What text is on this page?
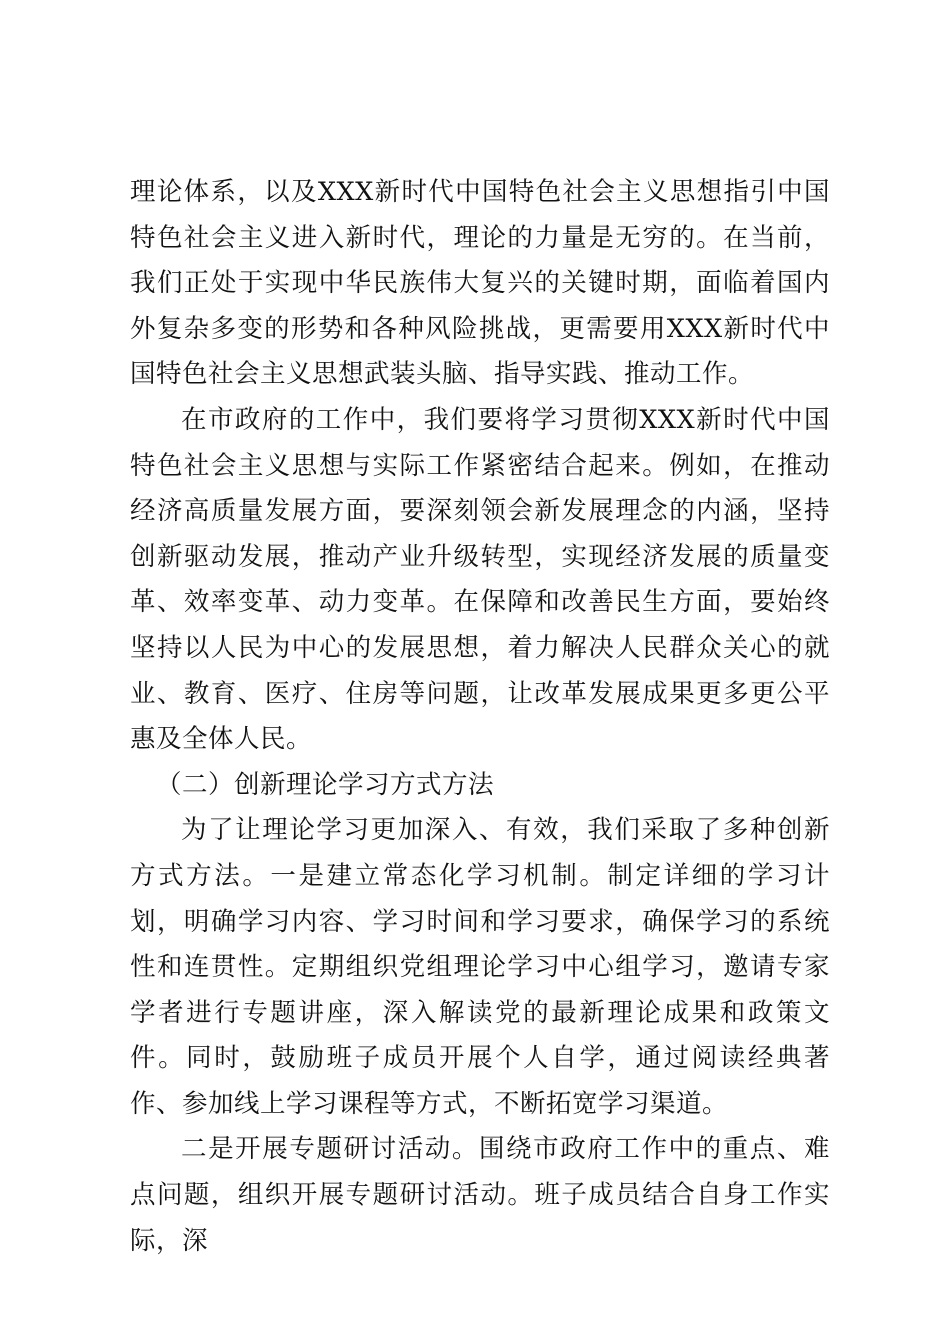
理论体系，以及XXX新时代中国特色社会主义思想指引中国特色社会主义进入新时代，理论的力量是无穷的。在当前，我们正处于实现中华民族伟大复兴的关键时期，面临着国内外复杂多变的形势和各种风险挑战，更需要用XXX新时代中国特色社会主义思想武装头脑、指导实践、推动工作。

在市政府的工作中，我们要将学习贯彻XXX新时代中国特色社会主义思想与实际工作紧密结合起来。例如，在推动经济高质量发展方面，要深刻领会新发展理念的内涵，坚持创新驱动发展，推动产业升级转型，实现经济发展的质量变革、效率变革、动力变革。在保障和改善民生方面，要始终坚持以人民为中心的发展思想，着力解决人民群众关心的就业、教育、医疗、住房等问题，让改革发展成果更多更公平惠及全体人民。

（二）创新理论学习方式方法

为了让理论学习更加深入、有效，我们采取了多种创新方式方法。一是建立常态化学习机制。制定详细的学习计划，明确学习内容、学习时间和学习要求，确保学习的系统性和连贯性。定期组织党组理论学习中心组学习，邀请专家学者进行专题讲座，深入解读党的最新理论成果和政策文件。同时，鼓励班子成员开展个人自学，通过阅读经典著作、参加线上学习课程等方式，不断拓宽学习渠道。

二是开展专题研讨活动。围绕市政府工作中的重点、难点问题，组织开展专题研讨活动。班子成员结合自身工作实际，深
